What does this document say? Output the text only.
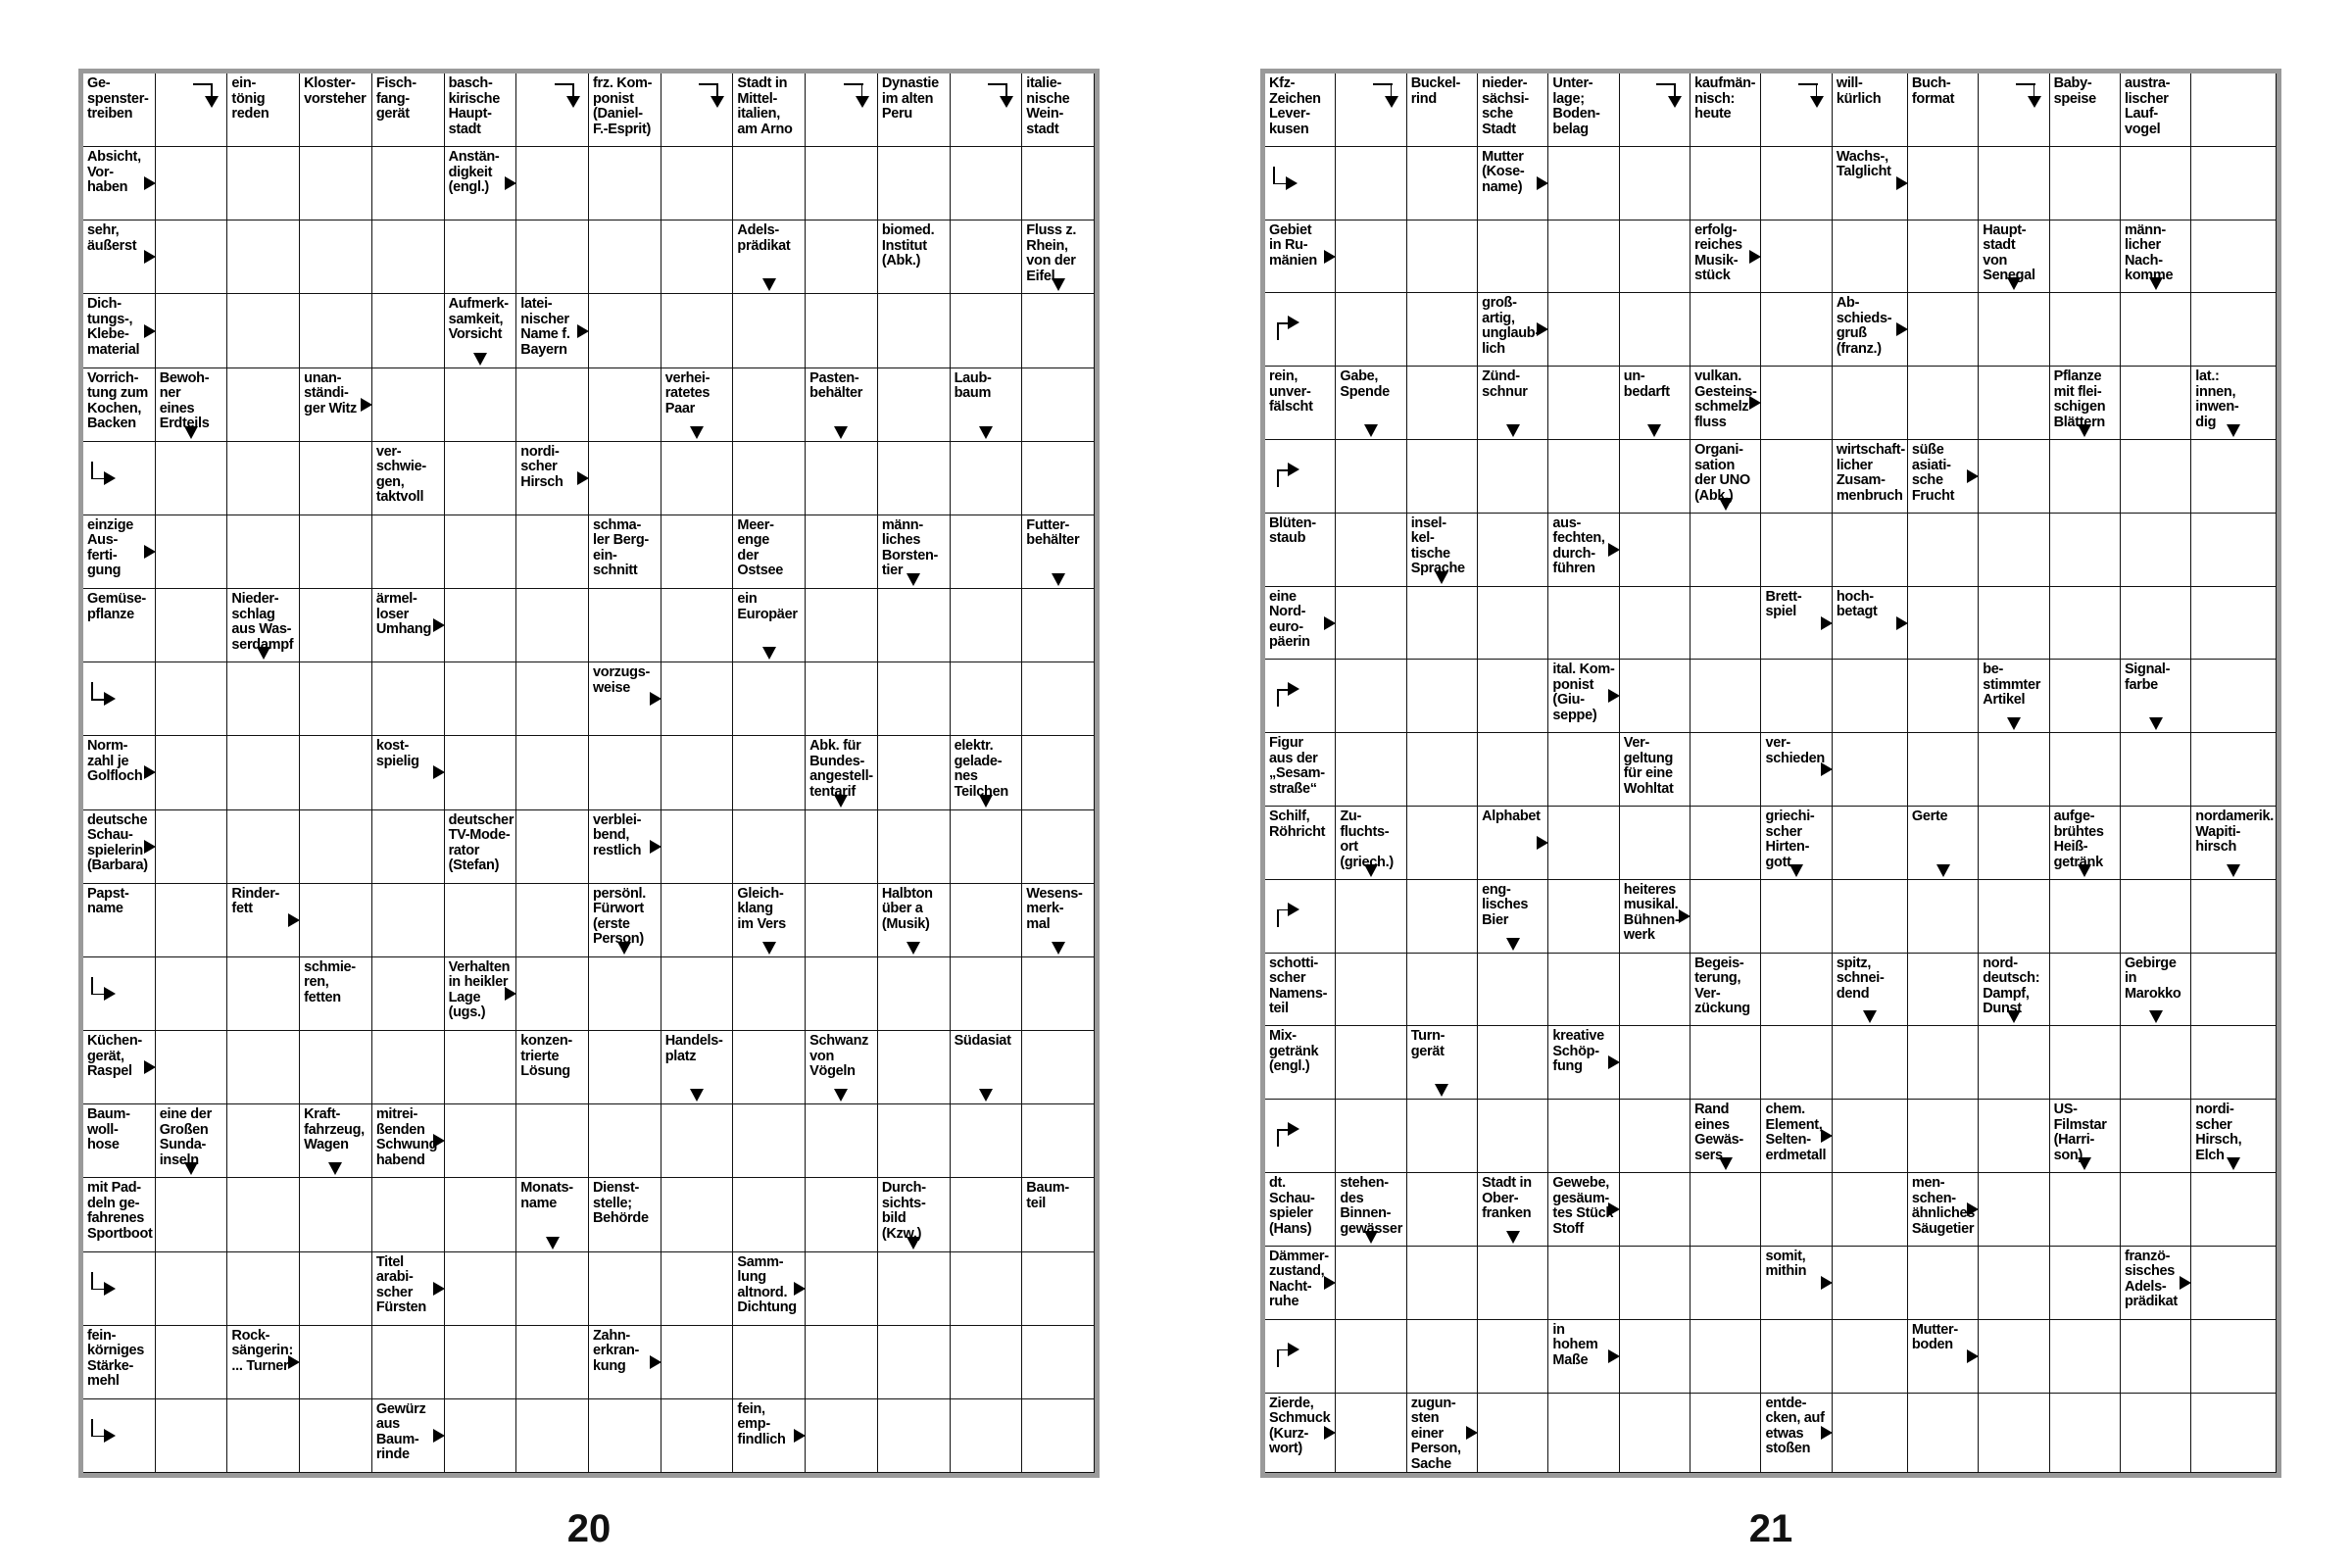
Ge-
spenster-
treiben
ein-
tönig
reden
Kloster-
vorsteher
Fisch-
fang-
gerät
basch-
kirische
Haupt-
stadt
frz. Kom-
ponist
(Daniel-
F.-Esprit)
Stadt in
Mittel-
italien,
am Arno
Dynastie
im alten
Peru
italie-
nische
Wein-
stadt
Absicht,
Vor-
haben
Anstän-
digkeit
(engl.)
sehr,
äußerst
Adels-
prädikat
biomed.
Institut
(Abk.)
Fluss z.
Rhein,
von der
Eifel
Dich-
tungs-,
Klebe-
material
Aufmerk-
samkeit,
Vorsicht
latei-
nischer
Name f.
Bayern
Vorrich-
tung zum
Kochen,
Backen
Bewoh-
ner
eines
Erdteils
unan-
ständi-
ger Witz
verhei-
ratetes
Paar
Pasten-
behälter
Laub-
baum
ver-
schwie-
gen,
taktvoll
nordi-
scher
Hirsch
einzige
Aus-
ferti-
gung
schma-
ler Berg-
ein-
schnitt
Meer-
enge
der
Ostsee
männ-
liches
Borsten-
tier
Futter-
behälter
Gemüse-
pflanze
Nieder-
schlag
aus Was-
serdampf
ärmel-
loser
Umhang
ein
Europäer
vorzugs-
weise
Norm-
zahl je
Golfloch
kost-
spielig
Abk. für
Bundes-
angestell-
tentarif
elektr.
gelade-
nes
Teilchen
deutsche
Schau-
spielerin
(Barbara)
deutscher
TV-Mode-
rator
(Stefan)
verblei-
bend,
restlich
Papst-
name
Rinder-
fett
persönl.
Fürwort
(erste
Person)
Gleich-
klang
im Vers
Halbton
über a
(Musik)
Wesens-
merk-
mal
schmie-
ren,
fetten
Verhalten
in heikler
Lage
(ugs.)
Küchen-
gerät,
Raspel
konzen-
trierte
Lösung
Handels-
platz
Schwanz
von
Vögeln
Südasiat
Baum-
woll-
hose
eine der
Großen
Sunda-
inseln
Kraft-
fahrzeug,
Wagen
mitrei-
ßenden
Schwung
habend
mit Pad-
deln ge-
fahrenes
Sportboot
Monats-
name
Dienst-
stelle;
Behörde
Durch-
sichts-
bild
(Kzw.)
Baum-
teil
Titel
arabi-
scher
Fürsten
Samm-
lung
altnord.
Dichtung
fein-
körniges
Stärke-
mehl
Rock-
sängerin:
... Turner
Zahn-
erkran-
kung
Gewürz
aus
Baum-
rinde
fein,
emp-
findlich
20
Kfz-
Zeichen
Lever-
kusen
Buckel-
rind
nieder-
sächsi-
sche
Stadt
Unter-
lage;
Boden-
belag
kaufmän-
nisch:
heute
will-
kürlich
Buch-
format
Baby-
speise
austra-
lischer
Lauf-
vogel
Mutter
(Kose-
name)
Wachs-,
Talglicht
Gebiet
in Ru-
mänien
erfolg-
reiches
Musik-
stück
Haupt-
stadt
von
Senegal
männ-
licher
Nach-
komme
groß-
artig,
unglaub-
lich
Ab-
schieds-
gruß
(franz.)
rein,
unver-
fälscht
Gabe,
Spende
Zünd-
schnur
un-
bedarft
vulkan.
Gesteins-
schmelz-
fluss
Pflanze
mit flei-
schigen
Blättern
lat.:
innen,
inwen-
dig
Organi-
sation
der UNO
(Abk.)
wirtschaft-
licher
Zusam-
menbruch
süße
asiati-
sche
Frucht
Blüten-
staub
insel-
kel-
tische
Sprache
aus-
fechten,
durch-
führen
eine
Nord-
euro-
päerin
Brett-
spiel
hoch-
betagt
ital. Kom-
ponist
(Giu-
seppe)
be-
stimmter
Artikel
Signal-
farbe
Figur
aus der
„Sesam-
straße“
Ver-
geltung
für eine
Wohltat
ver-
schieden
Schilf,
Röhricht
Zu-
fluchts-
ort
(griech.)
Alphabet	griechi-
scher
Hirten-
gott
Gerte	aufge-
brühtes
Heiß-
getränk
nordamerik.
Wapiti-
hirsch
eng-
lisches
Bier
heiteres
musikal.
Bühnen-
werk
schotti-
scher
Namens-
teil
Begeis-
terung,
Ver-
zückung
spitz,
schnei-
dend
nord-
deutsch:
Dampf,
Dunst
Gebirge
in
Marokko
Mix-
getränk
(engl.)
Turn-
gerät
kreative
Schöp-
fung
Rand
eines
Gewäs-
sers
chem.
Element,
Selten-
erdmetall
US-
Filmstar
(Harri-
son)
nordi-
scher
Hirsch,
Elch
dt.
Schau-
spieler
(Hans)
stehen-
des
Binnen-
gewässer
Stadt in
Ober-
franken
Gewebe,
gesäum-
tes Stück
Stoff
men-
schen-
ähnliches
Säugetier
Dämmer-
zustand,
Nacht-
ruhe
somit,
mithin
franzö-
sisches
Adels-
prädikat
in
hohem
Maße
Mutter-
boden
Zierde,
Schmuck
(Kurz-
wort)
zugun-
sten einer
Person,
Sache
entde-
cken, auf
etwas
stoßen
21
